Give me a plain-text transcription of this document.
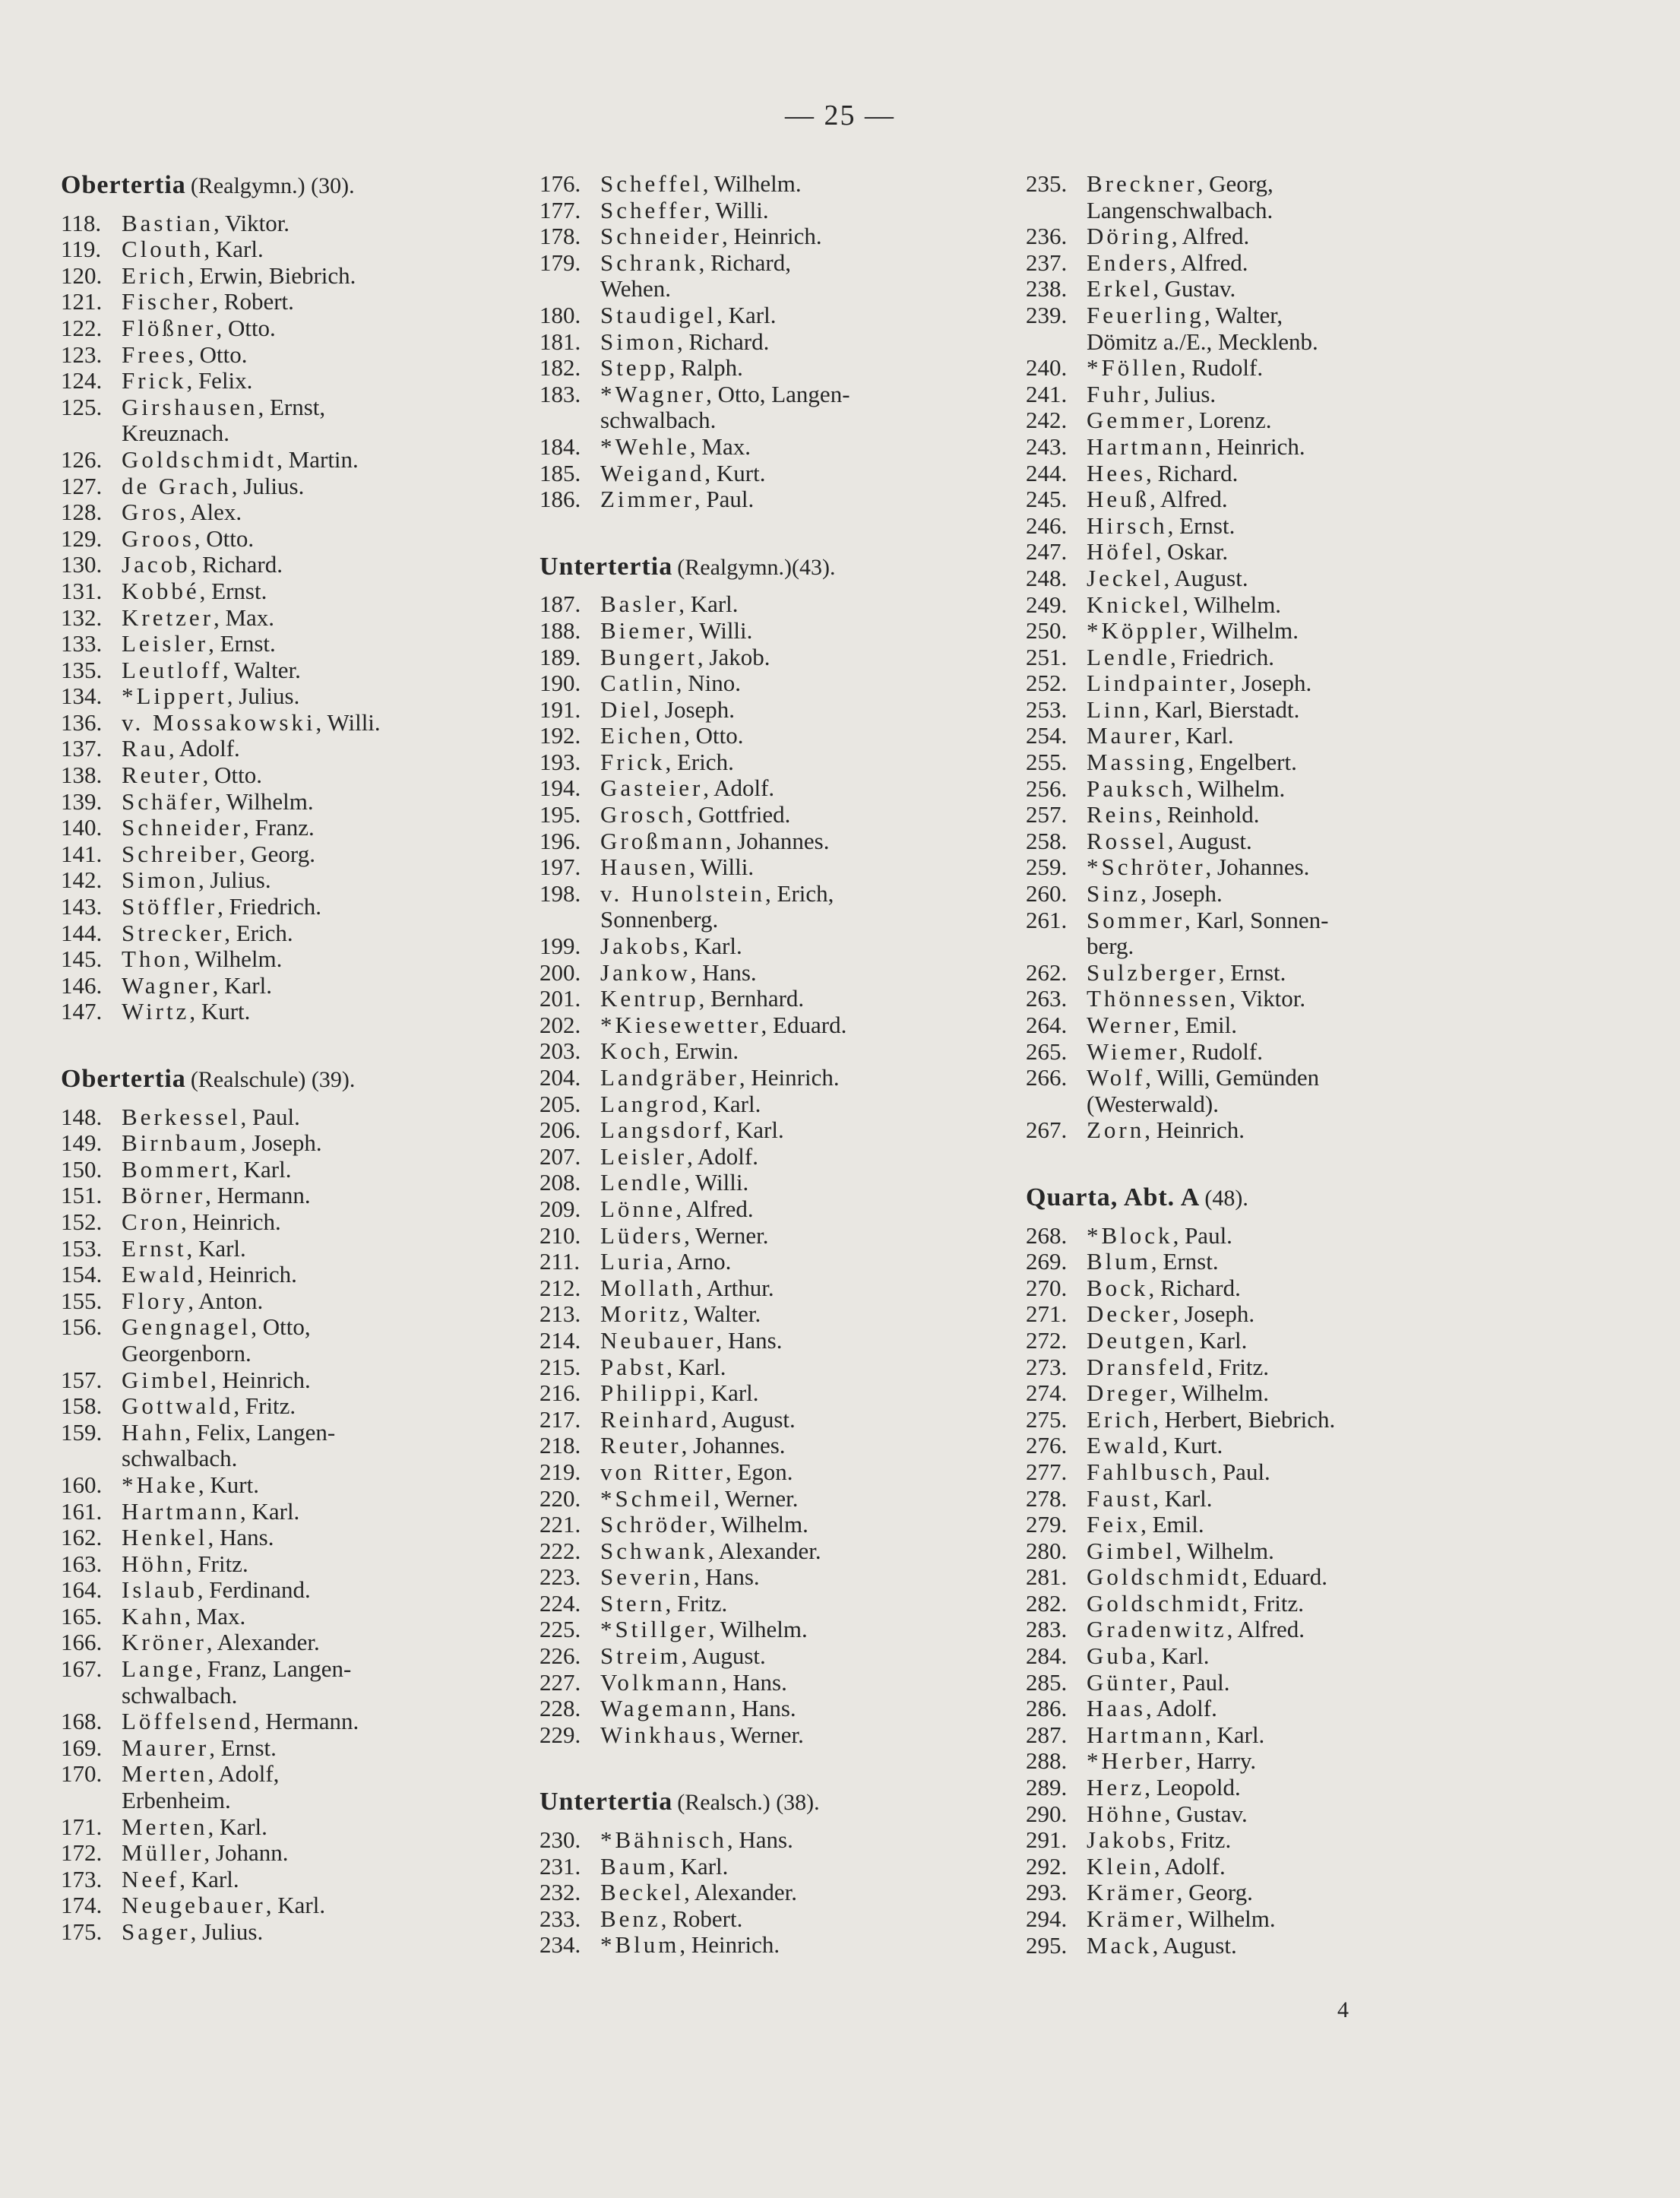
— 25 —
Obertertia (Realgymn.) (30).
118. Bastian, Viktor.
119. Clouth, Karl.
120. Erich, Erwin, Biebrich.
121. Fischer, Robert.
122. Flößner, Otto.
123. Frees, Otto.
124. Frick, Felix.
125. Girshausen, Ernst,
Kreuznach.
126. Goldschmidt, Martin.
127. de Grach, Julius.
128. Gros, Alex.
129. Groos, Otto.
130. Jacob, Richard.
131. Kobbé, Ernst.
132. Kretzer, Max.
133. Leisler, Ernst.
135. Leutloff, Walter.
134. *Lippert, Julius.
136. v. Mossakowski, Willi.
137. Rau, Adolf.
138. Reuter, Otto.
139. Schäfer, Wilhelm.
140. Schneider, Franz.
141. Schreiber, Georg.
142. Simon, Julius.
143. Stöffler, Friedrich.
144. Strecker, Erich.
145. Thon, Wilhelm.
146. Wagner, Karl.
147. Wirtz, Kurt.
Obertertia (Realschule) (39).
148. Berkessel, Paul.
149. Birnbaum, Joseph.
150. Bommert, Karl.
151. Börner, Hermann.
152. Cron, Heinrich.
153. Ernst, Karl.
154. Ewald, Heinrich.
155. Flory, Anton.
156. Gengnagel, Otto,
Georgenborn.
157. Gimbel, Heinrich.
158. Gottwald, Fritz.
159. Hahn, Felix, Langen-
schwalbach.
160. *Hake, Kurt.
161. Hartmann, Karl.
162. Henkel, Hans.
163. Höhn, Fritz.
164. Islaub, Ferdinand.
165. Kahn, Max.
166. Kröner, Alexander.
167. Lange, Franz, Langen-
schwalbach.
168. Löffelsend, Hermann.
169. Maurer, Ernst.
170. Merten, Adolf,
Erbenheim.
171. Merten, Karl.
172. Müller, Johann.
173. Neef, Karl.
174. Neugebauer, Karl.
175. Sager, Julius.
176. Scheffel, Wilhelm.
177. Scheffer, Willi.
178. Schneider, Heinrich.
179. Schrank, Richard,
Wehen.
180. Staudigel, Karl.
181. Simon, Richard.
182. Stepp, Ralph.
183. *Wagner, Otto, Langen-
schwalbach.
184. *Wehle, Max.
185. Weigand, Kurt.
186. Zimmer, Paul.
Untertertia (Realgymn.)(43).
187. Basler, Karl.
188. Biemer, Willi.
189. Bungert, Jakob.
190. Catlin, Nino.
191. Diel, Joseph.
192. Eichen, Otto.
193. Frick, Erich.
194. Gasteier, Adolf.
195. Grosch, Gottfried.
196. Großmann, Johannes.
197. Hausen, Willi.
198. v. Hunolstein, Erich,
Sonnenberg.
199. Jakobs, Karl.
200. Jankow, Hans.
201. Kentrup, Bernhard.
202. *Kiesewetter, Eduard.
203. Koch, Erwin.
204. Landgräber, Heinrich.
205. Langrod, Karl.
206. Langsdorf, Karl.
207. Leisler, Adolf.
208. Lendle, Willi.
209. Lönne, Alfred.
210. Lüders, Werner.
211. Luria, Arno.
212. Mollath, Arthur.
213. Moritz, Walter.
214. Neubauer, Hans.
215. Pabst, Karl.
216. Philippi, Karl.
217. Reinhard, August.
218. Reuter, Johannes.
219. von Ritter, Egon.
220. *Schmeil, Werner.
221. Schröder, Wilhelm.
222. Schwank, Alexander.
223. Severin, Hans.
224. Stern, Fritz.
225. *Stillger, Wilhelm.
226. Streim, August.
227. Volkmann, Hans.
228. Wagemann, Hans.
229. Winkhaus, Werner.
Untertertia (Realsch.) (38).
230. *Bähnisch, Hans.
231. Baum, Karl.
232. Beckel, Alexander.
233. Benz, Robert.
234. *Blum, Heinrich.
235. Breckner, Georg,
Langenschwalbach.
236. Döring, Alfred.
237. Enders, Alfred.
238. Erkel, Gustav.
239. Feuerling, Walter,
Dömitz a./E., Mecklenb.
240. *Föllen, Rudolf.
241. Fuhr, Julius.
242. Gemmer, Lorenz.
243. Hartmann, Heinrich.
244. Hees, Richard.
245. Heuß, Alfred.
246. Hirsch, Ernst.
247. Höfel, Oskar.
248. Jeckel, August.
249. Knickel, Wilhelm.
250. *Köppler, Wilhelm.
251. Lendle, Friedrich.
252. Lindpainter, Joseph.
253. Linn, Karl, Bierstadt.
254. Maurer, Karl.
255. Massing, Engelbert.
256. Pauksch, Wilhelm.
257. Reins, Reinhold.
258. Rossel, August.
259. *Schröter, Johannes.
260. Sinz, Joseph.
261. Sommer, Karl, Sonnen-
berg.
262. Sulzberger, Ernst.
263. Thönnessen, Viktor.
264. Werner, Emil.
265. Wiemer, Rudolf.
266. Wolf, Willi, Gemünden
(Westerwald).
267. Zorn, Heinrich.
Quarta, Abt. A (48).
268. *Block, Paul.
269. Blum, Ernst.
270. Bock, Richard.
271. Decker, Joseph.
272. Deutgen, Karl.
273. Dransfeld, Fritz.
274. Dreger, Wilhelm.
275. Erich, Herbert, Biebrich.
276. Ewald, Kurt.
277. Fahlbusch, Paul.
278. Faust, Karl.
279. Feix, Emil.
280. Gimbel, Wilhelm.
281. Goldschmidt, Eduard.
282. Goldschmidt, Fritz.
283. Gradenwitz, Alfred.
284. Guba, Karl.
285. Günter, Paul.
286. Haas, Adolf.
287. Hartmann, Karl.
288. *Herber, Harry.
289. Herz, Leopold.
290. Höhne, Gustav.
291. Jakobs, Fritz.
292. Klein, Adolf.
293. Krämer, Georg.
294. Krämer, Wilhelm.
295. Mack, August.
4
